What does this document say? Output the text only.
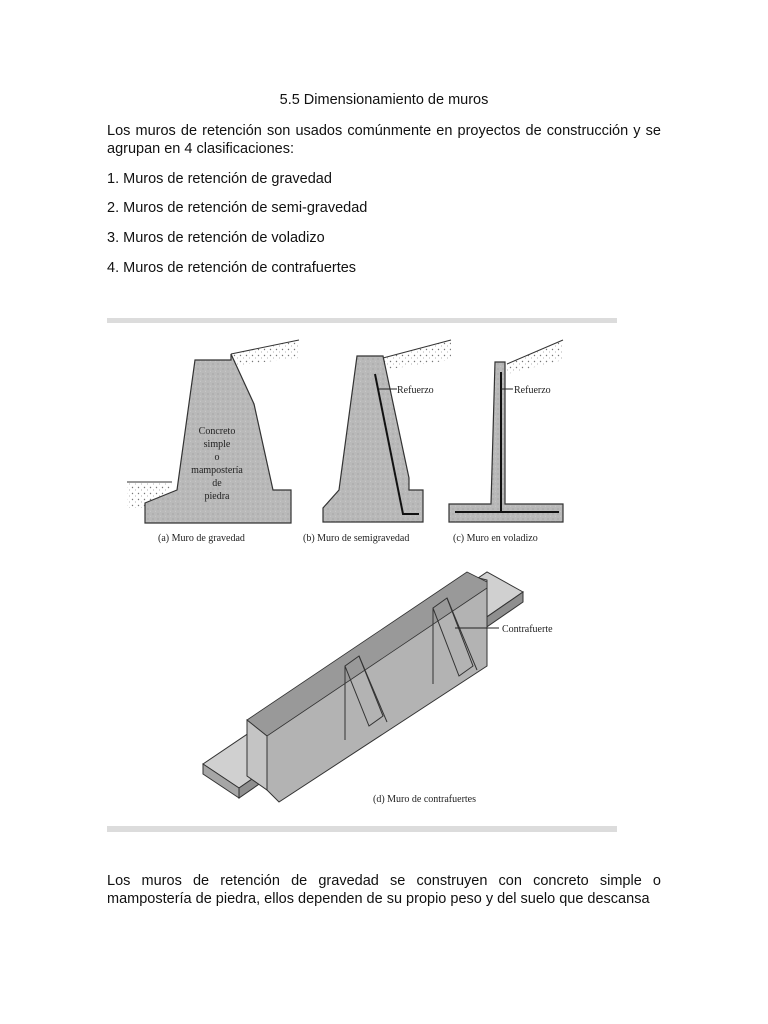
5.5 Dimensionamiento de muros
Los muros de retención son usados comúnmente en proyectos de construcción y se agrupan en 4 clasificaciones:
1. Muros de retención de gravedad
2. Muros de retención de semi-gravedad
3. Muros de retención de voladizo
4. Muros de retención de contrafuertes
Concreto
simple
o
mampostería
de
piedra
Refuerzo	Refuerzo
(a) Muro de gravedad	(b) Muro de semigravedad	(c) Muro en voladizo
Contrafuerte
(d) Muro de contrafuertes
Los muros de retención de gravedad se construyen con concreto simple o mampostería de piedra, ellos dependen de su propio peso y del suelo que descansa
